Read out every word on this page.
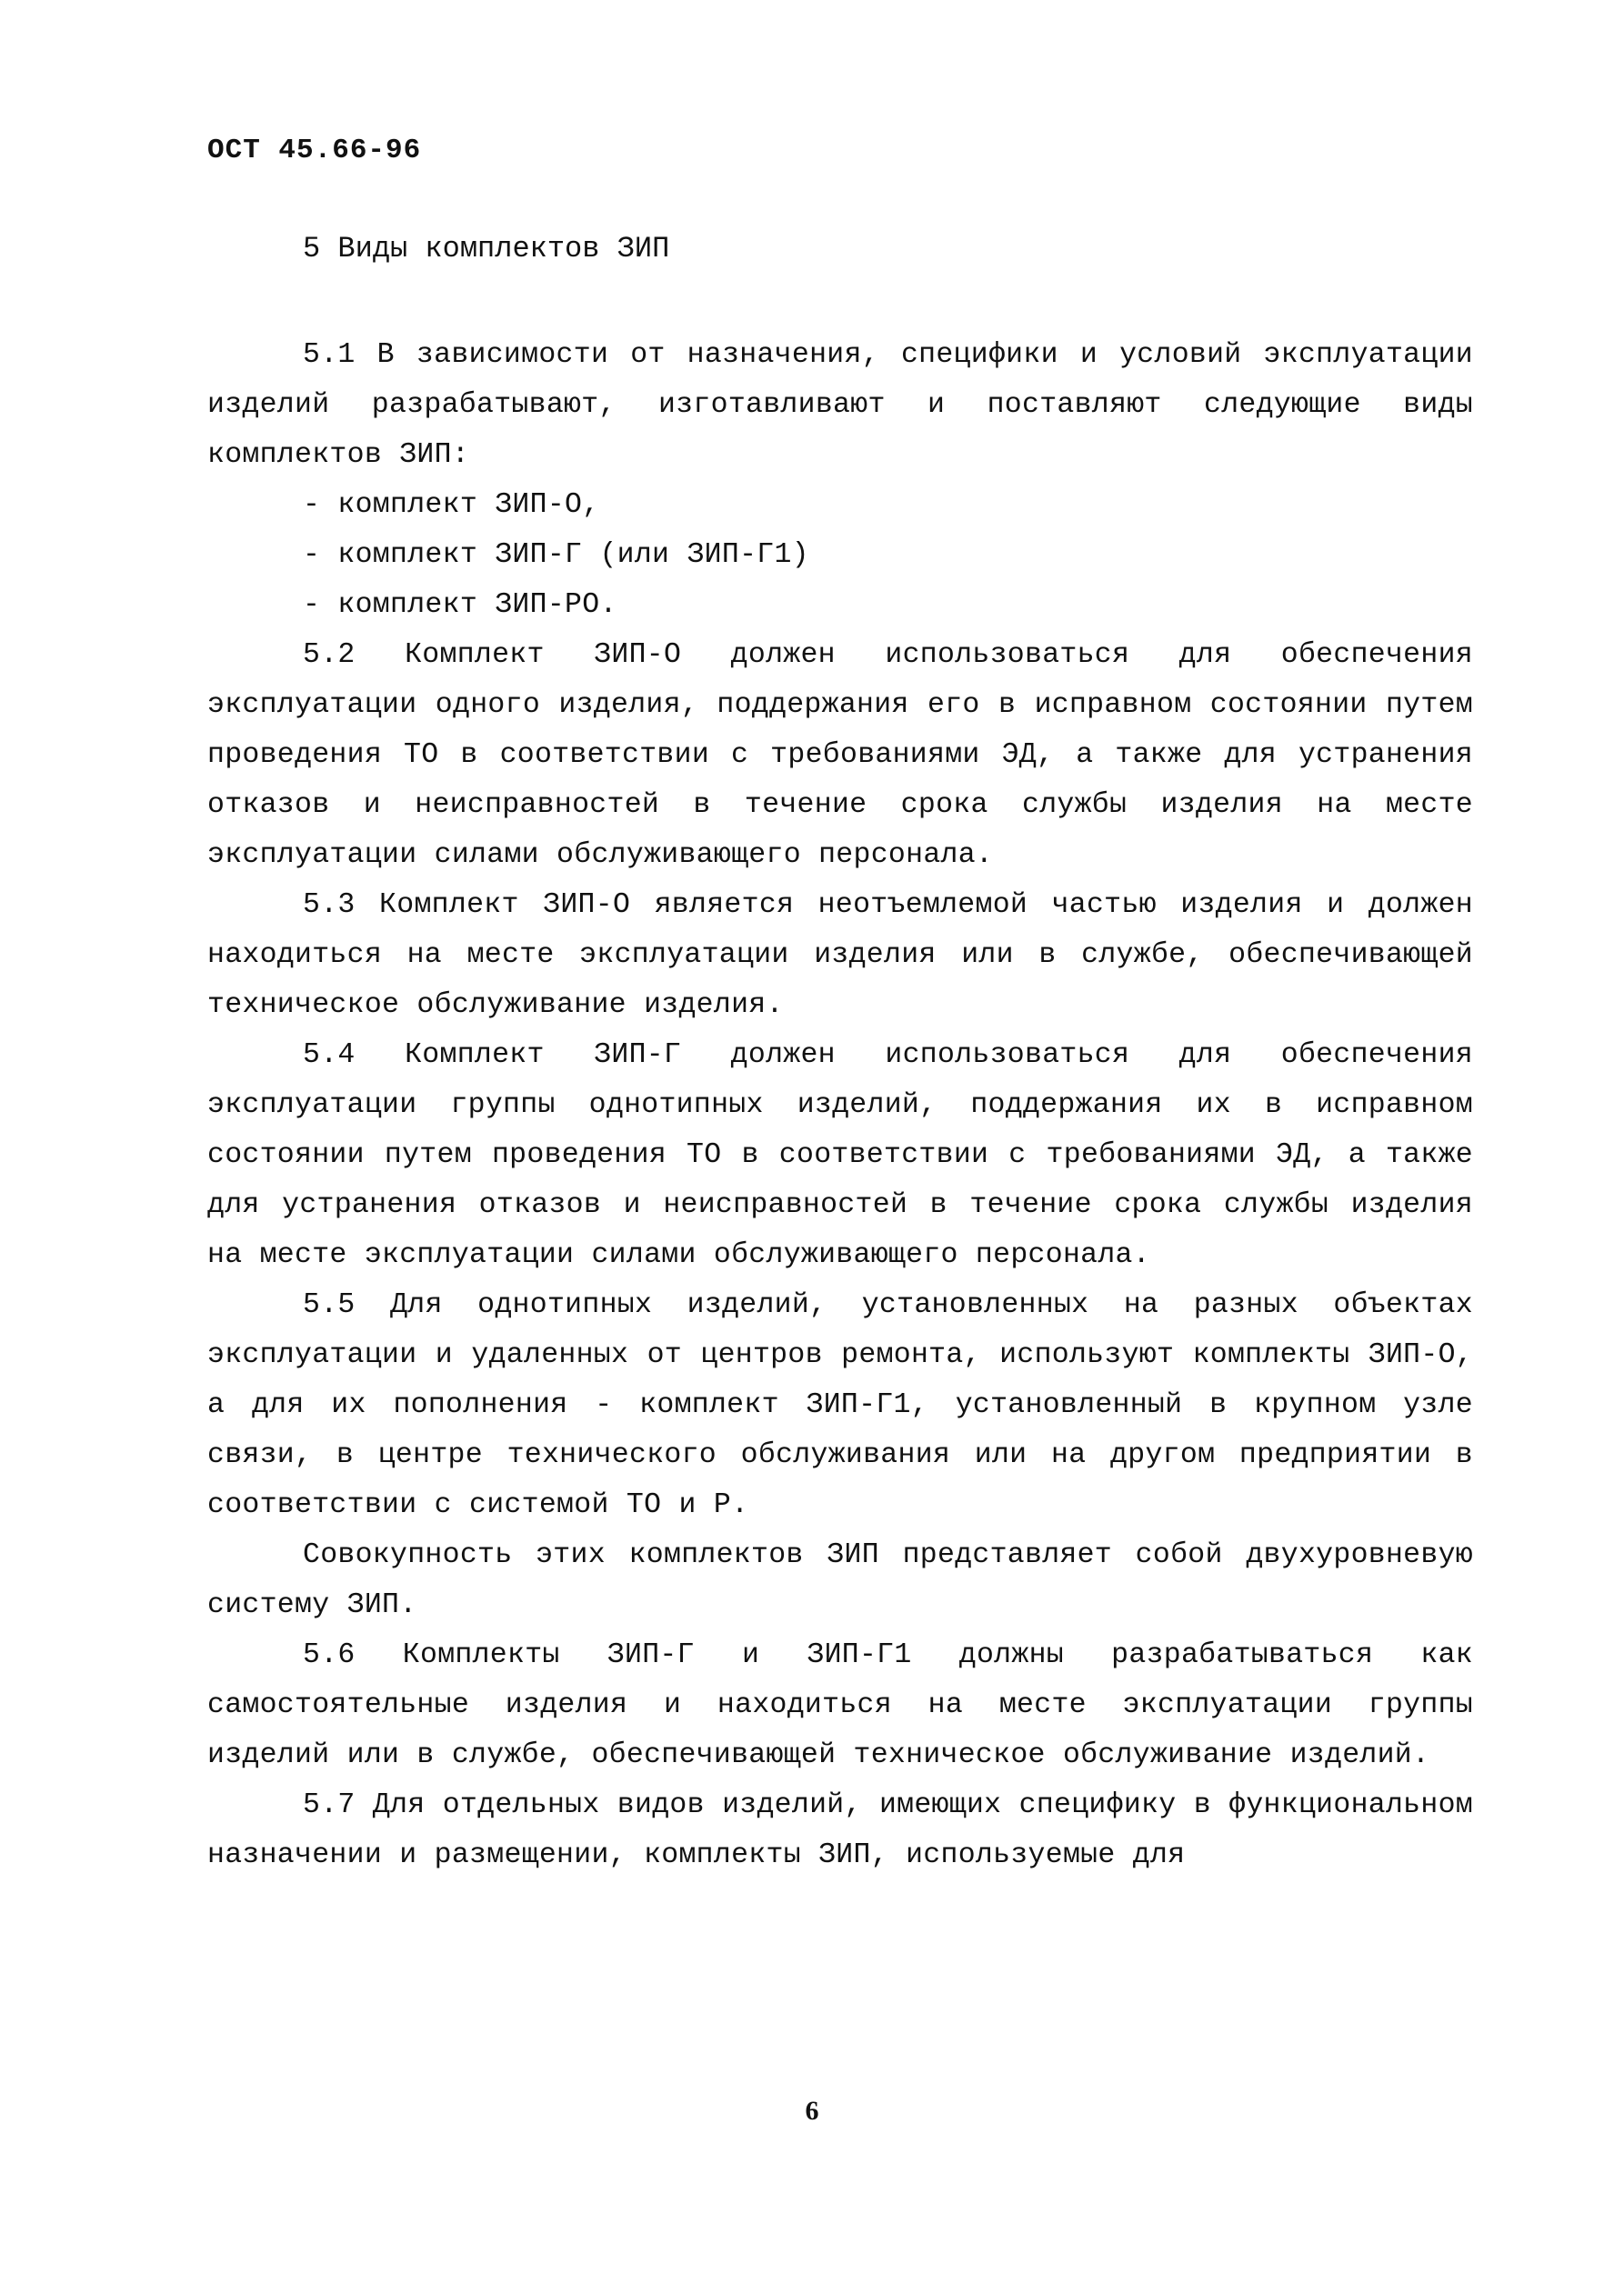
ОСТ 45.66-96

5 Виды комплектов ЗИП

5.1 В зависимости от назначения, специфики и условий эксплуатации изделий разрабатывают, изготавливают и поставляют следующие виды комплектов ЗИП:

- комплект ЗИП-О,

- комплект ЗИП-Г (или ЗИП-Г1)

- комплект ЗИП-РО.

5.2 Комплект ЗИП-О должен использоваться для обеспечения эксплуатации одного изделия, поддержания его в исправном состоянии путем проведения ТО в соответствии с требованиями ЭД, а также для устранения отказов и неисправностей в течение срока службы изделия на месте эксплуатации силами обслуживающего персонала.

5.3 Комплект ЗИП-О является неотъемлемой частью изделия и должен находиться на месте эксплуатации изделия или в службе, обеспечивающей техническое обслуживание изделия.

5.4 Комплект ЗИП-Г должен использоваться для обеспечения эксплуатации группы однотипных изделий, поддержания их в исправном состоянии путем проведения ТО в соответствии с требованиями ЭД, а также для устранения отказов и неисправностей в течение срока службы изделия на месте эксплуатации силами обслуживающего персонала.

5.5 Для однотипных изделий, установленных на разных объектах эксплуатации и удаленных от центров ремонта, используют комплекты ЗИП-О, а для их пополнения - комплект ЗИП-Г1, установленный в крупном узле связи, в центре технического обслуживания или на другом предприятии в соответствии с системой ТО и Р.

Совокупность этих комплектов ЗИП представляет собой двухуровневую систему ЗИП.

5.6 Комплекты ЗИП-Г и ЗИП-Г1 должны разрабатываться как самостоятельные изделия и находиться на месте эксплуатации группы изделий или в службе, обеспечивающей техническое обслуживание изделий.

5.7 Для отдельных видов изделий, имеющих специфику в функциональном назначении и размещении, комплекты ЗИП, используемые для

6
